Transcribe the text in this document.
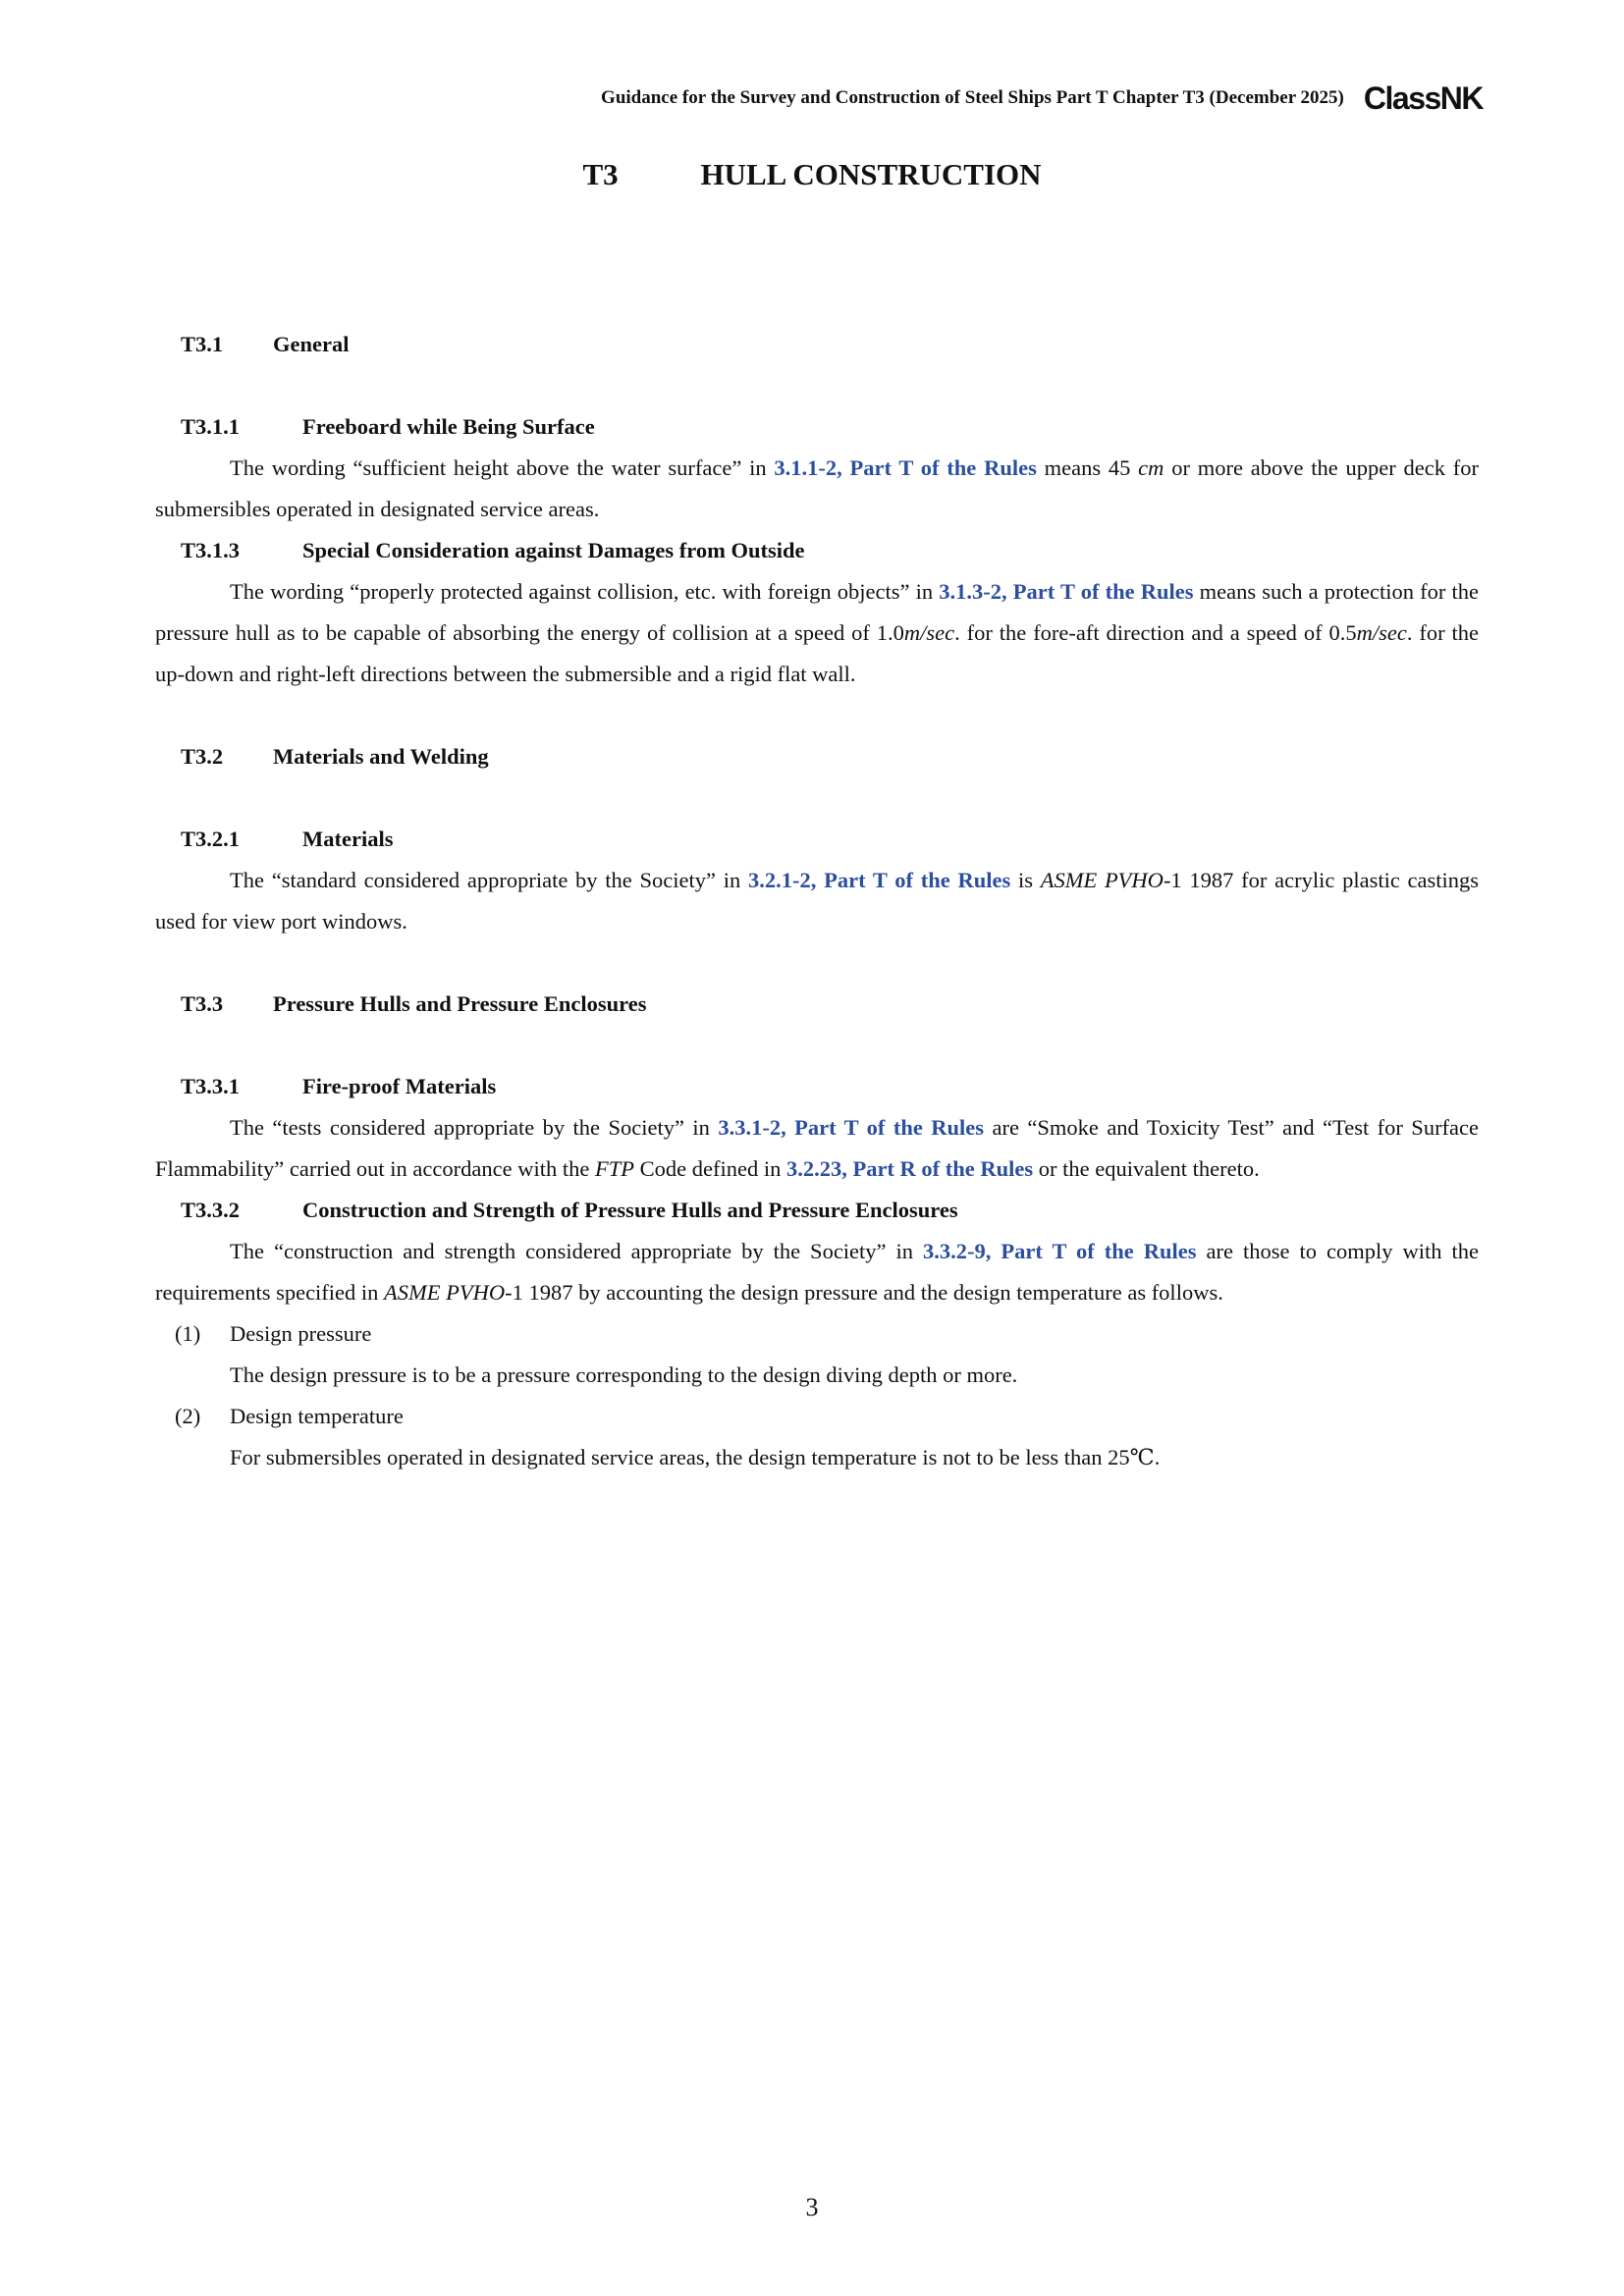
Guidance for the Survey and Construction of Steel Ships Part T Chapter T3 (December 2025) ClassNK
T3	HULL CONSTRUCTION
T3.1 General
T3.1.1	Freeboard while Being Surface

The wording “sufficient height above the water surface” in 3.1.1-2, Part T of the Rules means 45 cm or more above the upper deck for submersibles operated in designated service areas.

T3.1.3	Special Consideration against Damages from Outside

The wording “properly protected against collision, etc. with foreign objects” in 3.1.3-2, Part T of the Rules means such a protection for the pressure hull as to be capable of absorbing the energy of collision at a speed of 1.0m/sec. for the fore-aft direction and a speed of 0.5m/sec. for the up-down and right-left directions between the submersible and a rigid flat wall.

T3.2 Materials and Welding
T3.2.1	Materials

The “standard considered appropriate by the Society” in 3.2.1-2, Part T of the Rules is ASME PVHO-1 1987 for acrylic plastic castings used for view port windows.

T3.3 Pressure Hulls and Pressure Enclosures
T3.3.1	Fire-proof Materials

The “tests considered appropriate by the Society” in 3.3.1-2, Part T of the Rules are “Smoke and Toxicity Test” and “Test for Surface Flammability” carried out in accordance with the FTP Code defined in 3.2.23, Part R of the Rules or the equivalent thereto.

T3.3.2	Construction and Strength of Pressure Hulls and Pressure Enclosures

The “construction and strength considered appropriate by the Society” in 3.3.2-9, Part T of the Rules are those to comply with the requirements specified in ASME PVHO-1 1987 by accounting the design pressure and the design temperature as follows.

(1) Design pressure
The design pressure is to be a pressure corresponding to the design diving depth or more.
(2) Design temperature
For submersibles operated in designated service areas, the design temperature is not to be less than 25℃.
3
